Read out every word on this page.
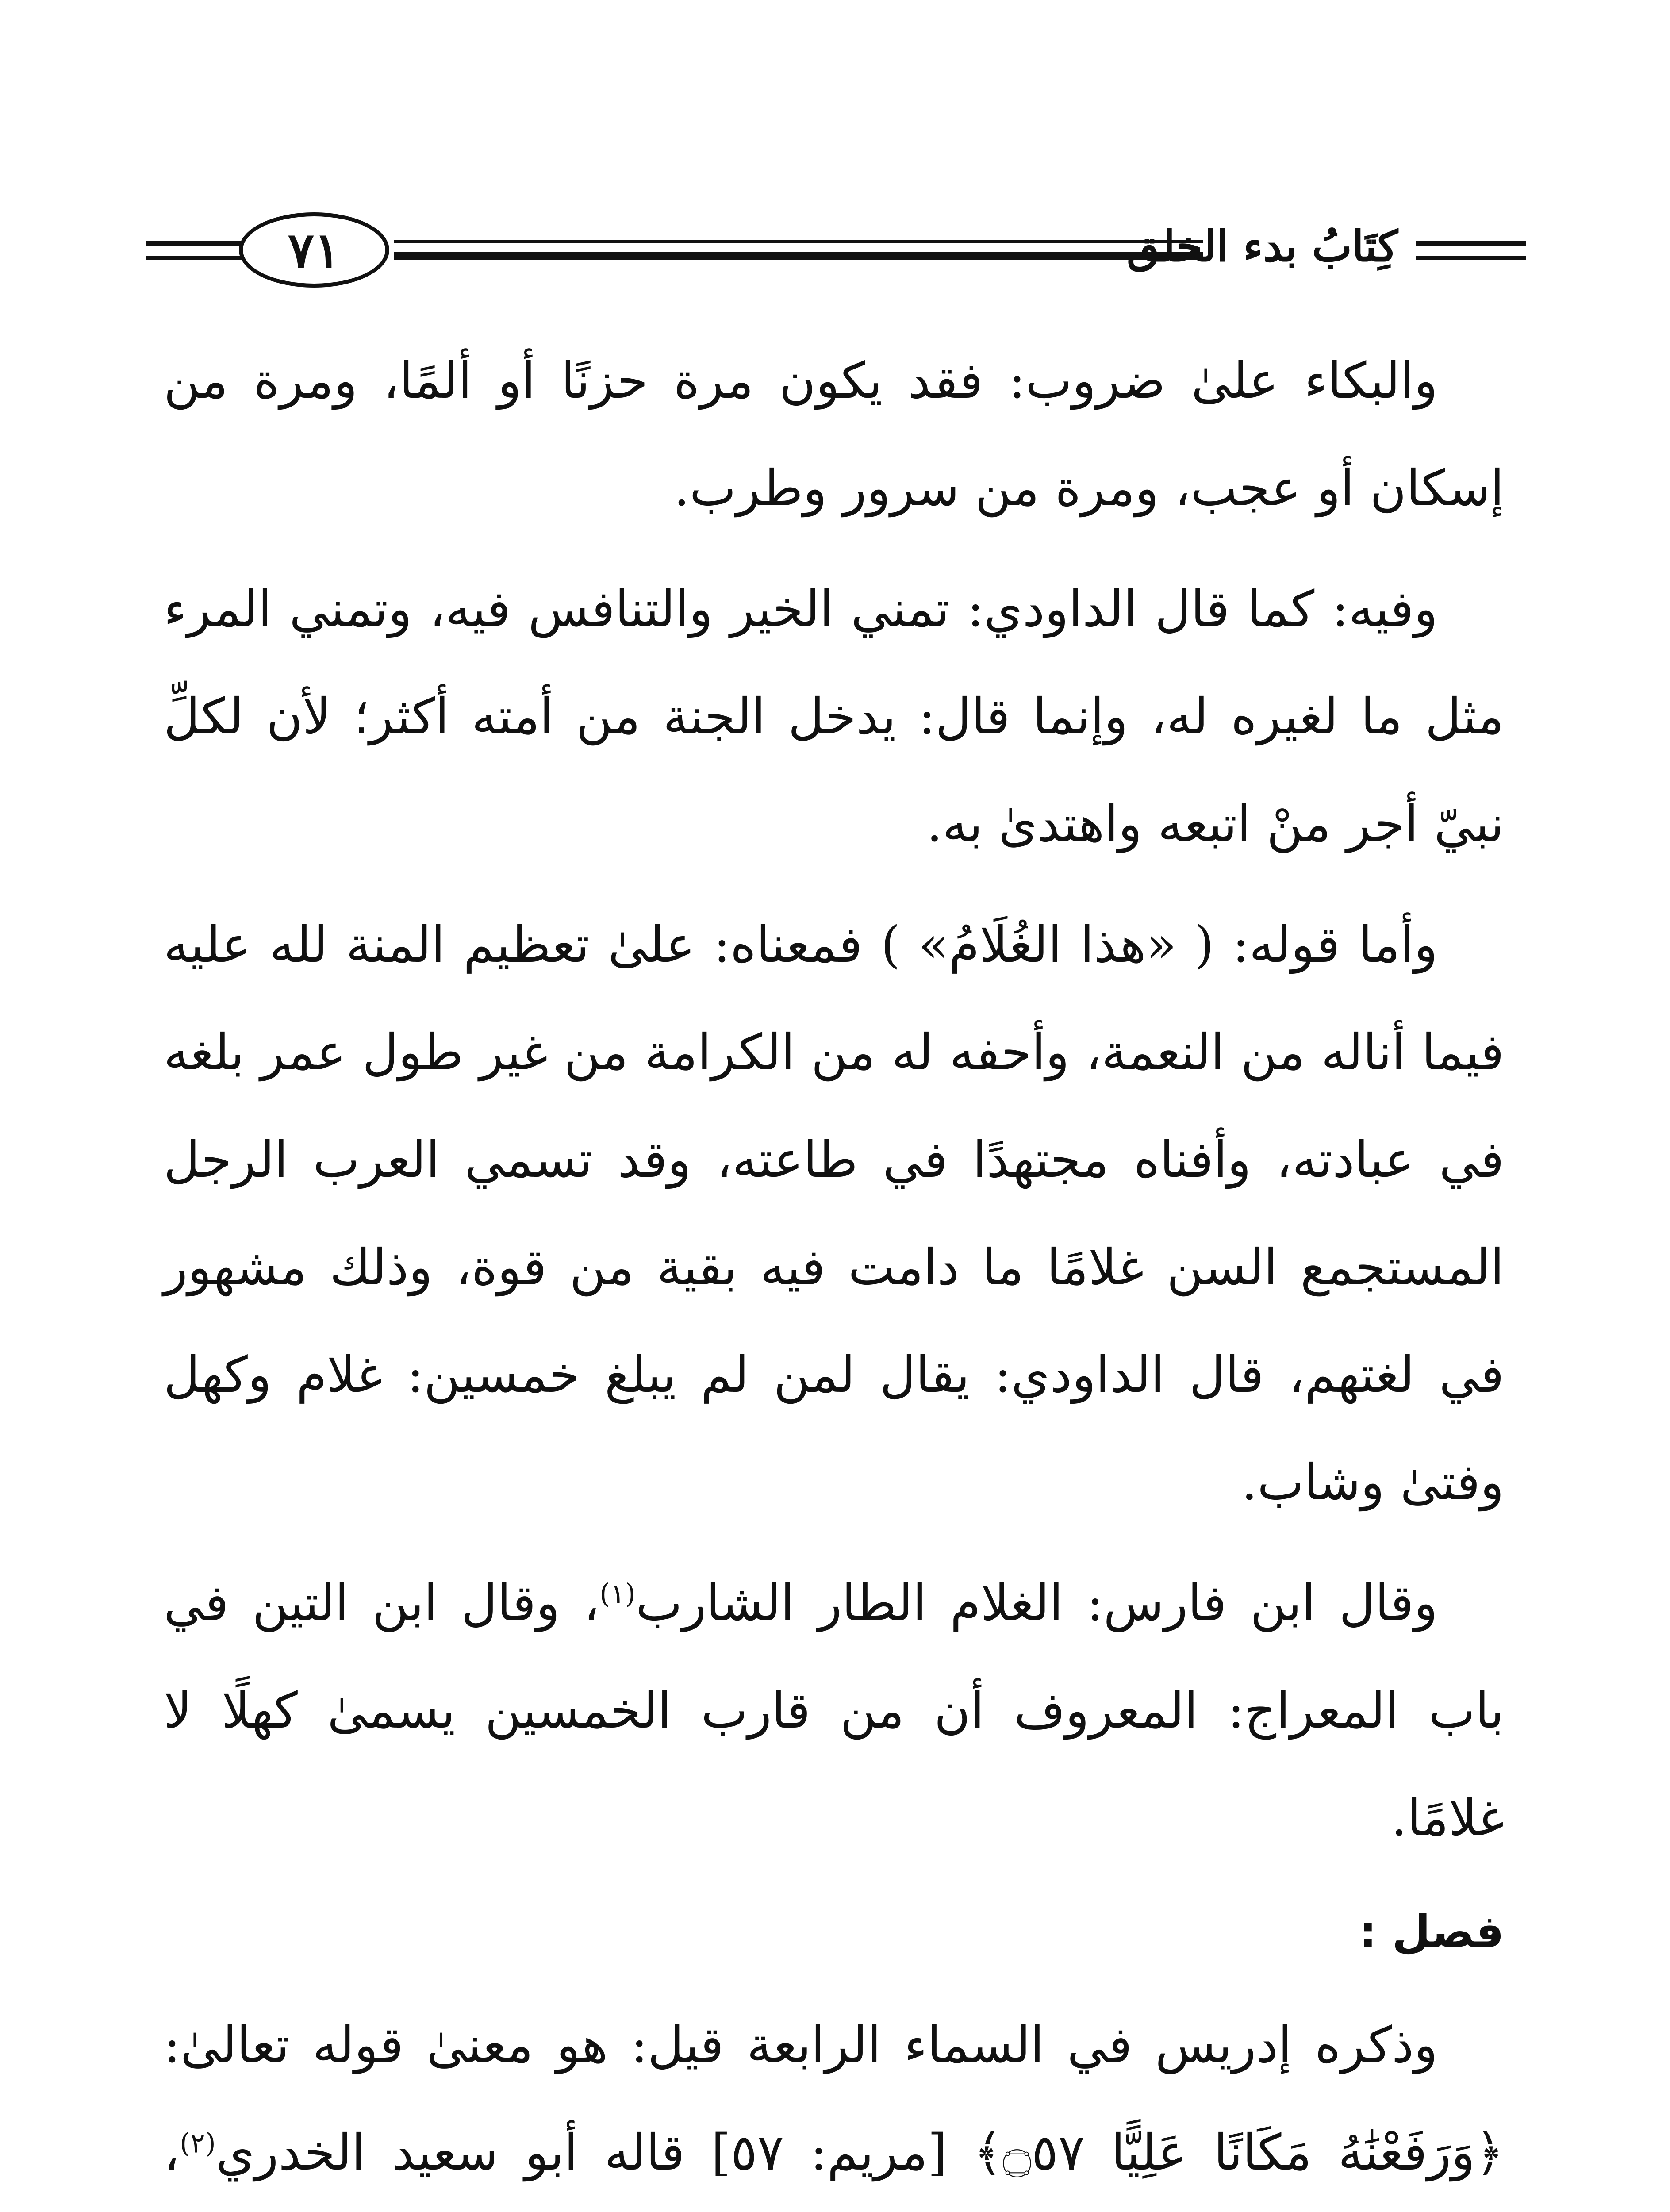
٧١	كِتَابُ بدء الخلق

والبكاء علىٰ ضروب: فقد يكون مرة حزنًا أو ألمًا، ومرة من إسكان أو عجب، ومرة من سرور وطرب.

وفيه: كما قال الداودي: تمني الخير والتنافس فيه، وتمني المرء مثل ما لغيره له، وإنما قال: يدخل الجنة من أمته أكثر؛ لأن لكلِّ نبيّ أجر منْ اتبعه واهتدىٰ به.

وأما قوله: ( «هذا الغُلَامُ» ) فمعناه: علىٰ تعظيم المنة لله عليه فيما أناله من النعمة، وأحفه له من الكرامة من غير طول عمر بلغه في عبادته، وأفناه مجتهدًا في طاعته، وقد تسمي العرب الرجل المستجمع السن غلامًا ما دامت فيه بقية من قوة، وذلك مشهور في لغتهم، قال الداودي: يقال لمن لم يبلغ خمسين: غلام وكهل وفتىٰ وشاب.

وقال ابن فارس: الغلام الطار الشارب$^{(١)}$، وقال ابن التين في باب المعراج: المعروف أن من قارب الخمسين يسمىٰ كهلًا لا غلامًا.

فصل :

وذكره إدريس في السماء الرابعة قيل: هو معنىٰ قوله تعالىٰ: ﴿وَرَفَعْنَٰهُ مَكَانًا عَلِيًّا ۝٥٧﴾ [مريم: ٥٧] قاله أبو سعيد الخدري$^{(٢)}$،
